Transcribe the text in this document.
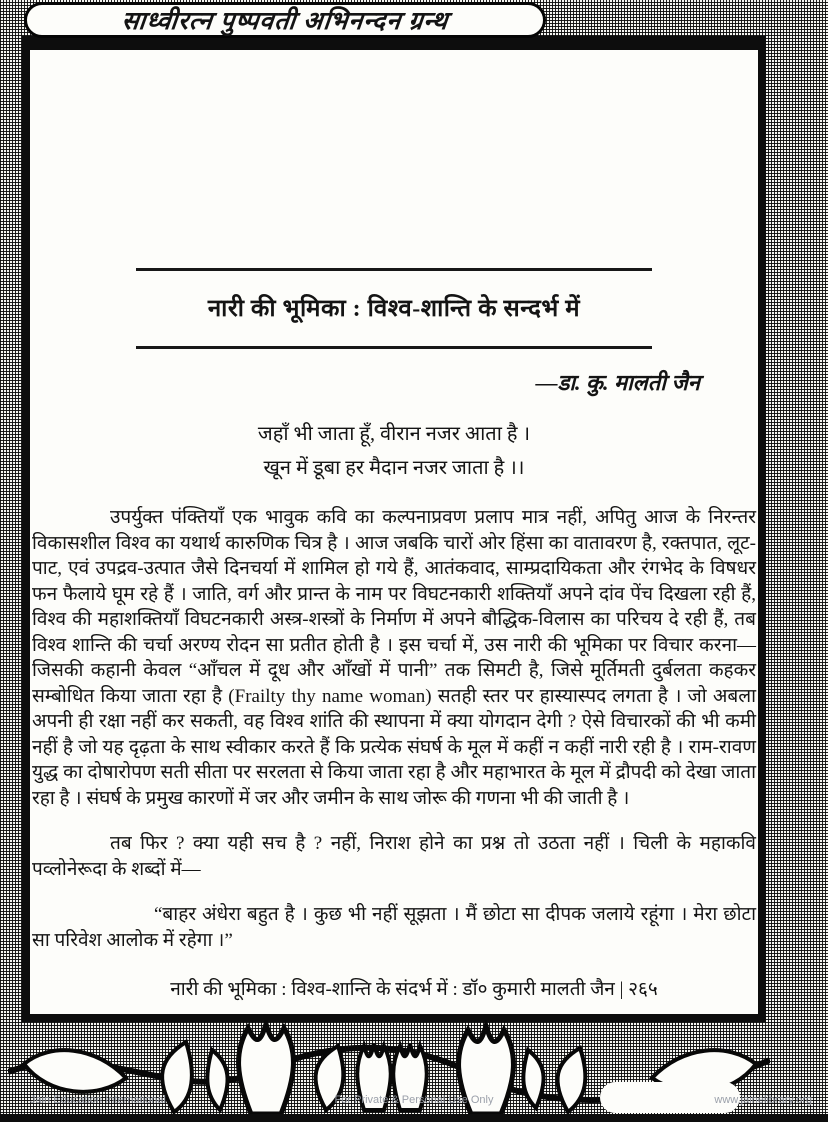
साध्वीरत्न पुष्पवती अभिनन्दन ग्रन्थ
नारी की भूमिका : विश्व-शान्ति के सन्दर्भ में
—डा. कु. मालती जैन
जहाँ भी जाता हूँ, वीरान नजर आता है ।
खून में डूबा हर मैदान नजर जाता है ।।

उपर्युक्त पंक्तियाँ एक भावुक कवि का कल्पनाप्रवण प्रलाप मात्र नहीं, अपितु आज के निरन्तर विकासशील विश्व का यथार्थ कारुणिक चित्र है । आज जबकि चारों ओर हिंसा का वातावरण है, रक्तपात, लूट-पाट, एवं उपद्रव-उत्पात जैसे दिनचर्या में शामिल हो गये हैं, आतंकवाद, साम्प्रदायिकता और रंगभेद के विषधर फन फैलाये घूम रहे हैं । जाति, वर्ग और प्रान्त के नाम पर विघटनकारी शक्तियाँ अपने दांव पेंच दिखला रही हैं, विश्व की महाशक्तियाँ विघटनकारी अस्त्र-शस्त्रों के निर्माण में अपने बौद्धिक-विलास का परिचय दे रही हैं, तब विश्व शान्ति की चर्चा अरण्य रोदन सा प्रतीत होती है । इस चर्चा में, उस नारी की भूमिका पर विचार करना—जिसकी कहानी केवल “आँचल में दूध और आँखों में पानी” तक सिमटी है, जिसे मूर्तिमती दुर्बलता कहकर सम्बोधित किया जाता रहा है (Frailty thy name woman) सतही स्तर पर हास्यास्पद लगता है । जो अबला अपनी ही रक्षा नहीं कर सकती, वह विश्व शांति की स्थापना में क्या योगदान देगी ? ऐसे विचारकों की भी कमी नहीं है जो यह दृढ़ता के साथ स्वीकार करते हैं कि प्रत्येक संघर्ष के मूल में कहीं न कहीं नारी रही है । राम-रावण युद्ध का दोषारोपण सती सीता पर सरलता से किया जाता रहा है और महाभारत के मूल में द्रौपदी को देखा जाता रहा है । संघर्ष के प्रमुख कारणों में जर और जमीन के साथ जोरू की गणना भी की जाती है ।

तब फिर ? क्या यही सच है ? नहीं, निराश होने का प्रश्न तो उठता नहीं । चिली के महाकवि पव्लोनेरूदा के शब्दों में—

“बाहर अंधेरा बहुत है । कुछ भी नहीं सूझता । मैं छोटा सा दीपक जलाये रहूंगा । मेरा छोटा सा परिवेश आलोक में रहेगा ।”

नारी की भूमिका : विश्व-शान्ति के संदर्भ में : डॉ० कुमारी मालती जैन | २६५
Jain Education International	For Private & Personal Use Only	www.jainelibrary.org
